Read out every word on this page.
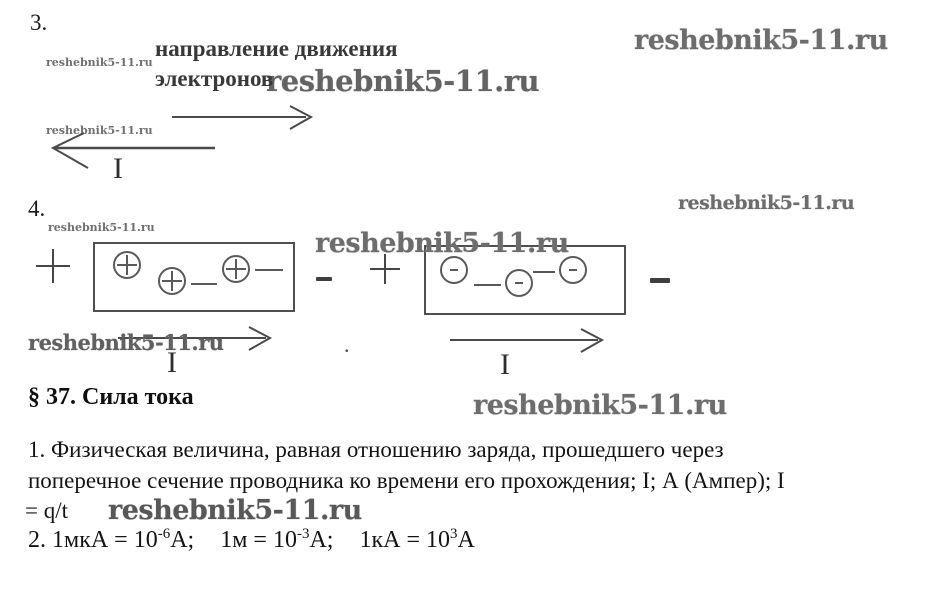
reshebnik5-11.ru
reshebnik5-11.ru
reshebnik5-11.ru
reshebnik5-11.ru
reshebnik5-11.ru
reshebnik5-11.ru
reshebnik5-11.ru
reshebnik5-11.ru
reshebnik5-11.ru
reshebnik5-11.ru
3.
направление движения
электронов
I
4.
I
.
I
§ 37. Сила тока
1. Физическая величина, равная отношению заряда, прошедшего через
поперечное сечение проводника ко времени его прохождения; I; А (Ампер); I
= q/t
2. $1мкА = 10^{-6}А$; $1м = 10^{-3}А$; $1кА = 10^3А$
